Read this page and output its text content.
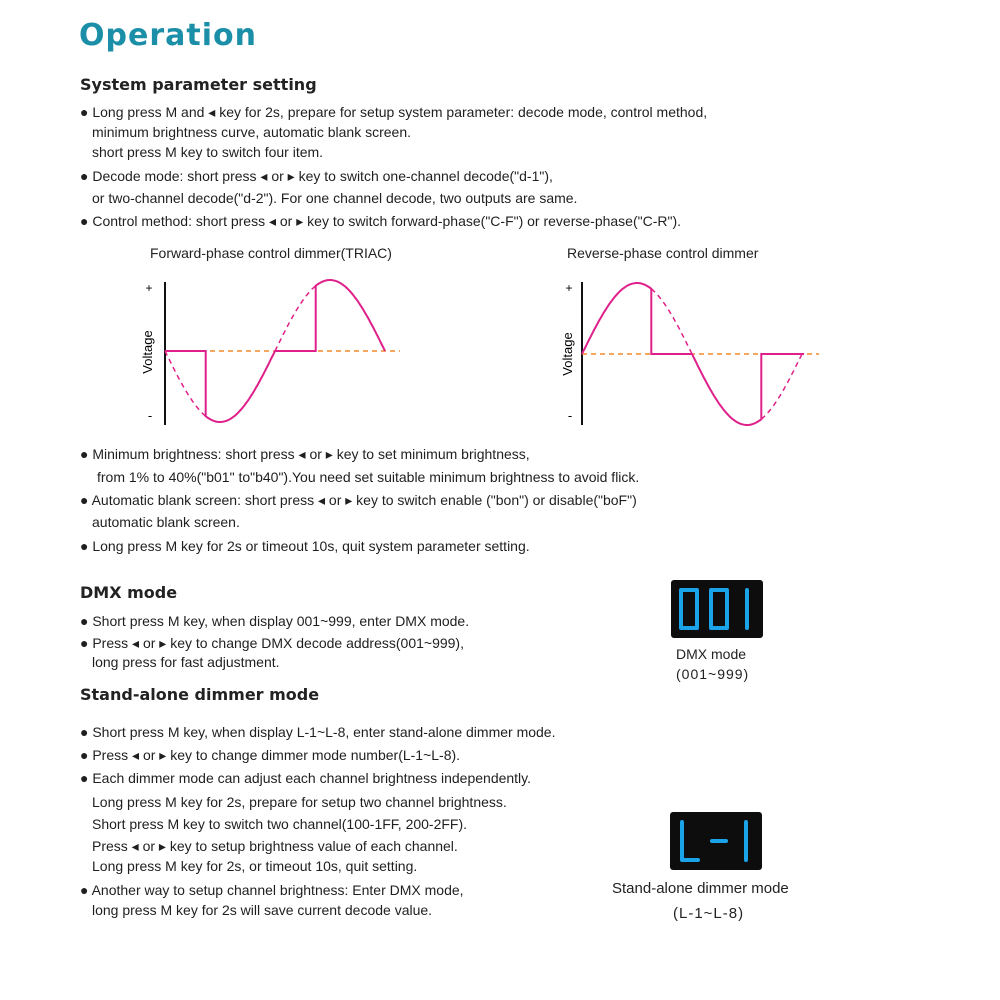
Operation
System parameter setting

● Long press M and ◂ key for 2s, prepare for setup system parameter: decode mode, control method,

minimum brightness curve, automatic blank screen.

short press M key to switch four item.

● Decode mode: short press ◂ or ▸ key to switch one-channel decode("d-1"),

or two-channel decode("d-2"). For one channel decode, two outputs are same.

● Control method: short press ◂ or ▸ key to switch forward-phase("C-F") or reverse-phase("C-R").

Forward-phase control dimmer(TRIAC)	Reverse-phase control dimmer
+
-
Voltage
+
-
Voltage

● Minimum brightness: short press ◂ or ▸ key to set minimum brightness,

from 1% to 40%("b01" to"b40").You need set suitable minimum brightness to avoid flick.

● Automatic blank screen: short press ◂ or ▸ key to switch enable ("bon") or disable("boF")

automatic blank screen.

● Long press M key for 2s or timeout 10s, quit system parameter setting.

DMX mode

● Short press M key, when display 001~999, enter DMX mode.

● Press ◂ or ▸ key to change DMX decode address(001~999),

long press for fast adjustment.	DMX mode
(001~999)
Stand-alone dimmer mode

● Short press M key, when display L-1~L-8, enter stand-alone dimmer mode.

● Press ◂ or ▸ key to change dimmer mode number(L-1~L-8).

● Each dimmer mode can adjust each channel brightness independently.

Long press M key for 2s, prepare for setup two channel brightness.

Short press M key to switch two channel(100-1FF, 200-2FF).

Press ◂ or ▸ key to setup brightness value of each channel.

Long press M key for 2s, or timeout 10s, quit setting.

● Another way to setup channel brightness: Enter DMX mode,

long press M key for 2s will save current decode value.

Stand-alone dimmer mode
(L-1~L-8)
